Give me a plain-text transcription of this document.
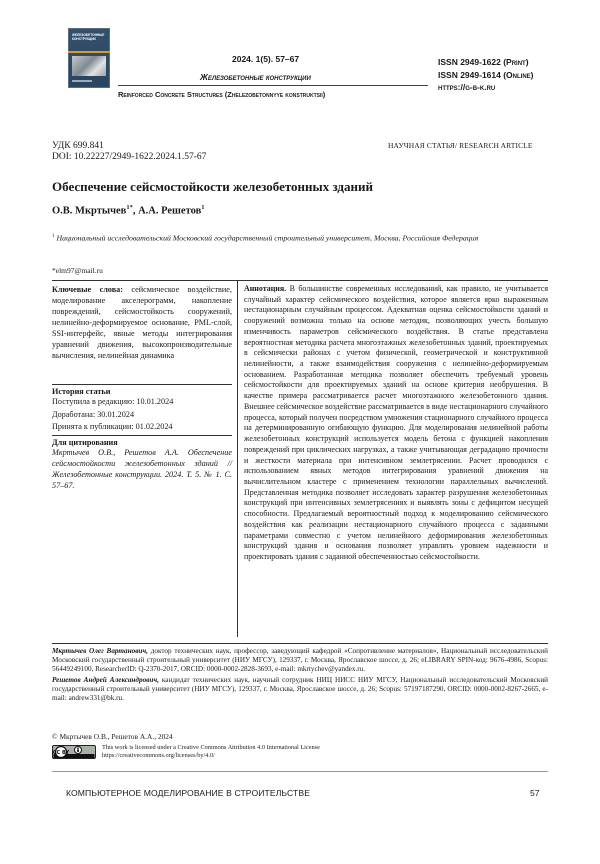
ЖЕЛЕЗОБЕТОННЫЕ КОНСТРУКЦИИ
2024. 1(5). 57–67
Железобетонные конструкции
Reinforced Concrete Structures (Zhelezobetonnyye konstruktsii)
ISSN 2949-1622 (Print)
ISSN 2949-1614 (Online)
https://g-b-k.ru
УДК 699.841
DOI: 10.22227/2949-1622.2024.1.57-67
НАУЧНАЯ СТАТЬЯ/ RESEARCH ARTICLE
Обеспечение сейсмостойкости железобетонных зданий
О.В. Мкртычев$^{1*}$, А.А. Решетов$^1$
$^1$ Национальный исследовательский Московский государственный строительный университет, Москва, Российская Федерация
*elm97@mail.ru
Ключевые слова: сейсмическое воздействие, моделирование акселерограмм, накопление повреждений, сейсмостойкость сооружений, нелинейно-деформируемое основание, PML-слой, SSI-интерфейс, явные методы интегрирования уравнений движения, высокопроизводительные вычисления, нелинейная динамика
История статьи
Поступила в редакцию: 10.01.2024
Доработана: 30.01.2024
Принята к публикации: 01.02.2024
Для цитирования
Мкртычев О.В., Решетов А.А. Обеспечение сейсмостойкости железобетонных зданий // Железобетонные конструкции. 2024. Т. 5. № 1. С. 57–67.
Аннотация. В большинстве современных исследований, как правило, не учитывается случайный характер сейсмического воздействия, которое является ярко выраженным нестационарным случайным процессом. Адекватная оценка сейсмостойкости зданий и сооружений возможна только на основе методик, позволяющих учесть большую изменчивость параметров сейсмического воздействия. В статье представлена вероятностная методика расчета многоэтажных железобетонных зданий, проектируемых в сейсмически районах с учетом физической, геометрической и конструктивной нелинейности, а также взаимодействия сооружения с нелинейно-деформируемым основанием. Разработанная методика позволяет обеспечить требуемый уровень сейсмостойкости для проектируемых зданий на основе критерия необрушения. В качестве примера рассматривается расчет многоэтажного железобетонного здания. Внешнее сейсмическое воздействие рассматривается в виде нестационарного случайного процесса, который получен посредством умножения стационарного случайного процесса на детерминированную огибающую функцию. Для моделирования нелинейной работы железобетонных конструкций используется модель бетона с функцией накопления повреждений при циклических нагрузках, а также учитывающая деградацию прочности и жесткости материала при интенсивном землетрясении. Расчет проводился с использованием явных методов интегрирования уравнений движения на вычислительном кластере с применением технологии параллельных вычислений. Представленная методика позволяет исследовать характер разрушения железобетонных конструкций при интенсивных землетрясениях и выявлять зоны с дефицитом несущей способности. Предлагаемый вероятностный подход к моделированию сейсмического воздействия как реализации нестационарного случайного процесса с заданными параметрами совместно с учетом нелинейного деформирования железобетонных конструкций здания и основания позволяет управлять уровнем надежности и проектировать здания с заданной обеспеченностью сейсмостойкости.

Мкртычев Олег Вартанович, доктор технических наук, профессор, заведующий кафедрой «Сопротивление материалов», Национальный исследовательский Московский государственный строительный университет (НИУ МГСУ), 129337, г. Москва, Ярославское шоссе, д. 26; eLIBRARY SPIN-код: 9676-4986, Scopus: 56449249100, ResearcherID: Q-2370-2017, ORCID: 0000-0002-2828-3693, e-mail: mkrtychev@yandex.ru.

Решетов Андрей Александрович, кандидат технических наук, научный сотрудник НИЦ НИСС НИУ МГСУ, Национальный исследовательский Московский государственный строительный университет (НИУ МГСУ), 129337, г. Москва, Ярославское шоссе, д. 26; Scopus: 57197187290, ORCID: 0000-0002-8267-2665, e-mail: andrew331@bk.ru.

© Мкртычев О.В., Решетов А.А., 2024
CC BY
This work is licensed under a Creative Commons Attribution 4.0 International License
https://creativecommons.org/licenses/by/4.0/
КОМПЬЮТЕРНОЕ МОДЕЛИРОВАНИЕ В СТРОИТЕЛЬСТВЕ	57
